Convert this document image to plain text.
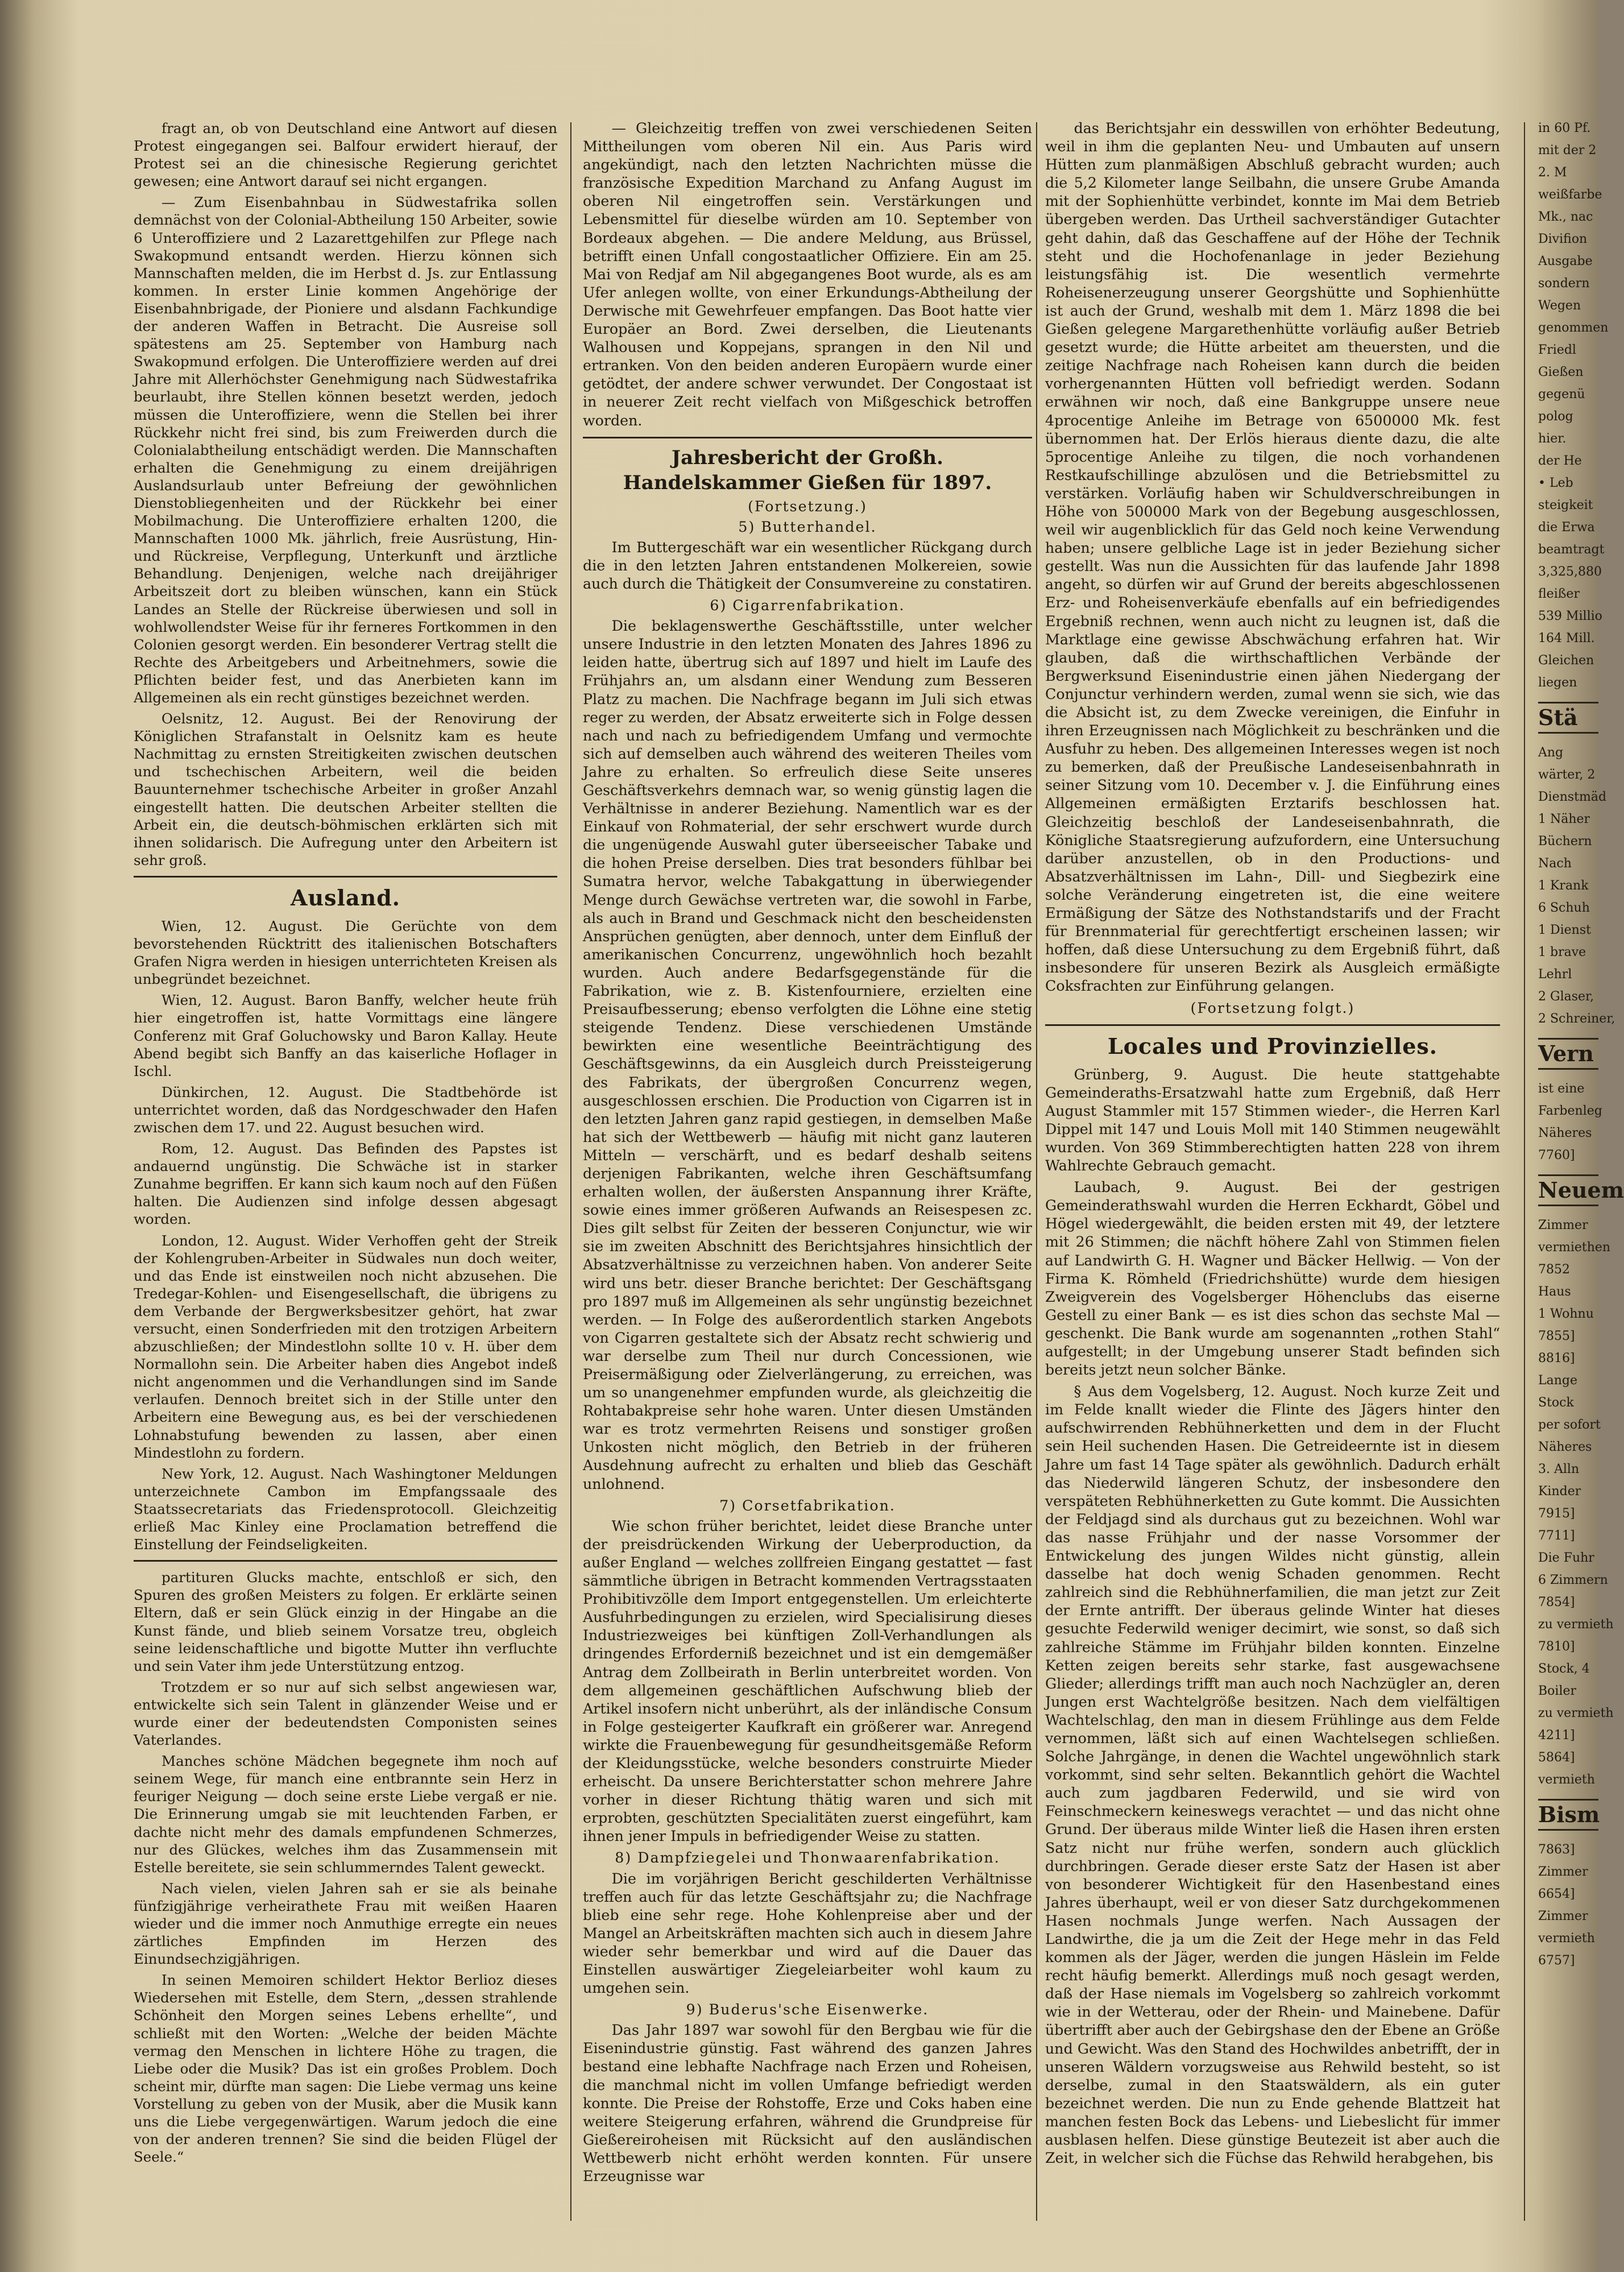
fragt an, ob von Deutschland eine Antwort auf diesen Protest eingegangen sei. Balfour erwidert hierauf, der Protest sei an die chinesische Regierung gerichtet gewesen; eine Antwort darauf sei nicht ergangen.

— Zum Eisenbahnbau in Südwestafrika sollen demnächst von der Colonial-Abtheilung 150 Arbeiter, sowie 6 Unteroffiziere und 2 Lazarettgehilfen zur Pflege nach Swakopmund entsandt werden. Hierzu können sich Mannschaften melden, die im Herbst d. Js. zur Entlassung kommen. In erster Linie kommen Angehörige der Eisenbahnbrigade, der Pioniere und alsdann Fachkundige der anderen Waffen in Betracht. Die Ausreise soll spätestens am 25. September von Hamburg nach Swakopmund erfolgen. Die Unteroffiziere werden auf drei Jahre mit Allerhöchster Genehmigung nach Südwestafrika beurlaubt, ihre Stellen können besetzt werden, jedoch müssen die Unteroffiziere, wenn die Stellen bei ihrer Rückkehr nicht frei sind, bis zum Freiwerden durch die Colonialabtheilung entschädigt werden. Die Mannschaften erhalten die Genehmigung zu einem dreijährigen Auslandsurlaub unter Befreiung der gewöhnlichen Dienstobliegenheiten und der Rückkehr bei einer Mobilmachung. Die Unteroffiziere erhalten 1200, die Mannschaften 1000 Mk. jährlich, freie Ausrüstung, Hin- und Rückreise, Verpflegung, Unterkunft und ärztliche Behandlung. Denjenigen, welche nach dreijähriger Arbeitszeit dort zu bleiben wünschen, kann ein Stück Landes an Stelle der Rückreise überwiesen und soll in wohlwollendster Weise für ihr ferneres Fortkommen in den Colonien gesorgt werden. Ein besonderer Vertrag stellt die Rechte des Arbeitgebers und Arbeitnehmers, sowie die Pflichten beider fest, und das Anerbieten kann im Allgemeinen als ein recht günstiges bezeichnet werden.

Oelsnitz, 12. August. Bei der Renovirung der Königlichen Strafanstalt in Oelsnitz kam es heute Nachmittag zu ernsten Streitigkeiten zwischen deutschen und tschechischen Arbeitern, weil die beiden Bauunternehmer tschechische Arbeiter in großer Anzahl eingestellt hatten. Die deutschen Arbeiter stellten die Arbeit ein, die deutsch-böhmischen erklärten sich mit ihnen solidarisch. Die Aufregung unter den Arbeitern ist sehr groß.

Ausland.

Wien, 12. August. Die Gerüchte von dem bevorstehenden Rücktritt des italienischen Botschafters Grafen Nigra werden in hiesigen unterrichteten Kreisen als unbegründet bezeichnet.

Wien, 12. August. Baron Banffy, welcher heute früh hier eingetroffen ist, hatte Vormittags eine längere Conferenz mit Graf Goluchowsky und Baron Kallay. Heute Abend begibt sich Banffy an das kaiserliche Hoflager in Ischl.

Dünkirchen, 12. August. Die Stadtbehörde ist unterrichtet worden, daß das Nordgeschwader den Hafen zwischen dem 17. und 22. August besuchen wird.

Rom, 12. August. Das Befinden des Papstes ist andauernd ungünstig. Die Schwäche ist in starker Zunahme begriffen. Er kann sich kaum noch auf den Füßen halten. Die Audienzen sind infolge dessen abgesagt worden.

London, 12. August. Wider Verhoffen geht der Streik der Kohlengruben-Arbeiter in Südwales nun doch weiter, und das Ende ist einstweilen noch nicht abzusehen. Die Tredegar-Kohlen- und Eisengesellschaft, die übrigens zu dem Verbande der Bergwerksbesitzer gehört, hat zwar versucht, einen Sonderfrieden mit den trotzigen Arbeitern abzuschließen; der Mindestlohn sollte 10 v. H. über dem Normallohn sein. Die Arbeiter haben dies Angebot indeß nicht angenommen und die Verhandlungen sind im Sande verlaufen. Dennoch breitet sich in der Stille unter den Arbeitern eine Bewegung aus, es bei der verschiedenen Lohnabstufung bewenden zu lassen, aber einen Mindestlohn zu fordern.

New York, 12. August. Nach Washingtoner Meldungen unterzeichnete Cambon im Empfangssaale des Staatssecretariats das Friedensprotocoll. Gleichzeitig erließ Mac Kinley eine Proclamation betreffend die Einstellung der Feindseligkeiten.

partituren Glucks machte, entschloß er sich, den Spuren des großen Meisters zu folgen. Er erklärte seinen Eltern, daß er sein Glück einzig in der Hingabe an die Kunst fände, und blieb seinem Vorsatze treu, obgleich seine leidenschaftliche und bigotte Mutter ihn verfluchte und sein Vater ihm jede Unterstützung entzog.

Trotzdem er so nur auf sich selbst angewiesen war, entwickelte sich sein Talent in glänzender Weise und er wurde einer der bedeutendsten Componisten seines Vaterlandes.

Manches schöne Mädchen begegnete ihm noch auf seinem Wege, für manch eine entbrannte sein Herz in feuriger Neigung — doch seine erste Liebe vergaß er nie. Die Erinnerung umgab sie mit leuchtenden Farben, er dachte nicht mehr des damals empfundenen Schmerzes, nur des Glückes, welches ihm das Zusammensein mit Estelle bereitete, sie sein schlummerndes Talent geweckt.

Nach vielen, vielen Jahren sah er sie als beinahe fünfzigjährige verheirathete Frau mit weißen Haaren wieder und die immer noch Anmuthige erregte ein neues zärtliches Empfinden im Herzen des Einundsechzigjährigen.

In seinen Memoiren schildert Hektor Berlioz dieses Wiedersehen mit Estelle, dem Stern, „dessen strahlende Schönheit den Morgen seines Lebens erhellte“, und schließt mit den Worten: „Welche der beiden Mächte vermag den Menschen in lichtere Höhe zu tragen, die Liebe oder die Musik? Das ist ein großes Problem. Doch scheint mir, dürfte man sagen: Die Liebe vermag uns keine Vorstellung zu geben von der Musik, aber die Musik kann uns die Liebe vergegenwärtigen. Warum jedoch die eine von der anderen trennen? Sie sind die beiden Flügel der Seele.“

— Gleichzeitig treffen von zwei verschiedenen Seiten Mittheilungen vom oberen Nil ein. Aus Paris wird angekündigt, nach den letzten Nachrichten müsse die französische Expedition Marchand zu Anfang August im oberen Nil eingetroffen sein. Verstärkungen und Lebensmittel für dieselbe würden am 10. September von Bordeaux abgehen. — Die andere Meldung, aus Brüssel, betrifft einen Unfall congostaatlicher Offiziere. Ein am 25. Mai von Redjaf am Nil abgegangenes Boot wurde, als es am Ufer anlegen wollte, von einer Erkundungs-Abtheilung der Derwische mit Gewehrfeuer empfangen. Das Boot hatte vier Europäer an Bord. Zwei derselben, die Lieutenants Walhousen und Koppejans, sprangen in den Nil und ertranken. Von den beiden anderen Europäern wurde einer getödtet, der andere schwer verwundet. Der Congostaat ist in neuerer Zeit recht vielfach von Mißgeschick betroffen worden.

Jahresbericht der Großh. Handelskammer Gießen für 1897.
(Fortsetzung.)
5) Butterhandel.

Im Buttergeschäft war ein wesentlicher Rückgang durch die in den letzten Jahren entstandenen Molkereien, sowie auch durch die Thätigkeit der Consumvereine zu constatiren.

6) Cigarrenfabrikation.

Die beklagenswerthe Geschäftsstille, unter welcher unsere Industrie in den letzten Monaten des Jahres 1896 zu leiden hatte, übertrug sich auf 1897 und hielt im Laufe des Frühjahrs an, um alsdann einer Wendung zum Besseren Platz zu machen. Die Nachfrage begann im Juli sich etwas reger zu werden, der Absatz erweiterte sich in Folge dessen nach und nach zu befriedigendem Umfang und vermochte sich auf demselben auch während des weiteren Theiles vom Jahre zu erhalten. So erfreulich diese Seite unseres Geschäftsverkehrs demnach war, so wenig günstig lagen die Verhältnisse in anderer Beziehung. Namentlich war es der Einkauf von Rohmaterial, der sehr erschwert wurde durch die ungenügende Auswahl guter überseeischer Tabake und die hohen Preise derselben. Dies trat besonders fühlbar bei Sumatra hervor, welche Tabakgattung in überwiegender Menge durch Gewächse vertreten war, die sowohl in Farbe, als auch in Brand und Geschmack nicht den bescheidensten Ansprüchen genügten, aber dennoch, unter dem Einfluß der amerikanischen Concurrenz, ungewöhnlich hoch bezahlt wurden. Auch andere Bedarfsgegenstände für die Fabrikation, wie z. B. Kistenfourniere, erzielten eine Preisaufbesserung; ebenso verfolgten die Löhne eine stetig steigende Tendenz. Diese verschiedenen Umstände bewirkten eine wesentliche Beeinträchtigung des Geschäftsgewinns, da ein Ausgleich durch Preissteigerung des Fabrikats, der übergroßen Concurrenz wegen, ausgeschlossen erschien. Die Production von Cigarren ist in den letzten Jahren ganz rapid gestiegen, in demselben Maße hat sich der Wettbewerb — häufig mit nicht ganz lauteren Mitteln — verschärft, und es bedarf deshalb seitens derjenigen Fabrikanten, welche ihren Geschäftsumfang erhalten wollen, der äußersten Anspannung ihrer Kräfte, sowie eines immer größeren Aufwands an Reisespesen zc. Dies gilt selbst für Zeiten der besseren Conjunctur, wie wir sie im zweiten Abschnitt des Berichtsjahres hinsichtlich der Absatzverhältnisse zu verzeichnen haben. Von anderer Seite wird uns betr. dieser Branche berichtet: Der Geschäftsgang pro 1897 muß im Allgemeinen als sehr ungünstig bezeichnet werden. — In Folge des außerordentlich starken Angebots von Cigarren gestaltete sich der Absatz recht schwierig und war derselbe zum Theil nur durch Concessionen, wie Preisermäßigung oder Zielverlängerung, zu erreichen, was um so unangenehmer empfunden wurde, als gleichzeitig die Rohtabakpreise sehr hohe waren. Unter diesen Umständen war es trotz vermehrten Reisens und sonstiger großen Unkosten nicht möglich, den Betrieb in der früheren Ausdehnung aufrecht zu erhalten und blieb das Geschäft unlohnend.

7) Corsetfabrikation.

Wie schon früher berichtet, leidet diese Branche unter der preisdrückenden Wirkung der Ueberproduction, da außer England — welches zollfreien Eingang gestattet — fast sämmtliche übrigen in Betracht kommenden Vertragsstaaten Prohibitivzölle dem Import entgegenstellen. Um erleichterte Ausfuhrbedingungen zu erzielen, wird Specialisirung dieses Industriezweiges bei künftigen Zoll-Verhandlungen als dringendes Erforderniß bezeichnet und ist ein demgemäßer Antrag dem Zollbeirath in Berlin unterbreitet worden. Von dem allgemeinen geschäftlichen Aufschwung blieb der Artikel insofern nicht unberührt, als der inländische Consum in Folge gesteigerter Kaufkraft ein größerer war. Anregend wirkte die Frauenbewegung für gesundheitsgemäße Reform der Kleidungsstücke, welche besonders construirte Mieder erheischt. Da unsere Berichterstatter schon mehrere Jahre vorher in dieser Richtung thätig waren und sich mit erprobten, geschützten Specialitäten zuerst eingeführt, kam ihnen jener Impuls in befriedigender Weise zu statten.

8) Dampfziegelei und Thonwaarenfabrikation.

Die im vorjährigen Bericht geschilderten Verhältnisse treffen auch für das letzte Geschäftsjahr zu; die Nachfrage blieb eine sehr rege. Hohe Kohlenpreise aber und der Mangel an Arbeitskräften machten sich auch in diesem Jahre wieder sehr bemerkbar und wird auf die Dauer das Einstellen auswärtiger Ziegeleiarbeiter wohl kaum zu umgehen sein.

9) Buderus'sche Eisenwerke.

Das Jahr 1897 war sowohl für den Bergbau wie für die Eisenindustrie günstig. Fast während des ganzen Jahres bestand eine lebhafte Nachfrage nach Erzen und Roheisen, die manchmal nicht im vollen Umfange befriedigt werden konnte. Die Preise der Rohstoffe, Erze und Coks haben eine weitere Steigerung erfahren, während die Grundpreise für Gießereiroheisen mit Rücksicht auf den ausländischen Wettbewerb nicht erhöht werden konnten. Für unsere Erzeugnisse war

das Berichtsjahr ein desswillen von erhöhter Bedeutung, weil in ihm die geplanten Neu- und Umbauten auf unsern Hütten zum planmäßigen Abschluß gebracht wurden; auch die 5,2 Kilometer lange Seilbahn, die unsere Grube Amanda mit der Sophienhütte verbindet, konnte im Mai dem Betrieb übergeben werden. Das Urtheil sachverständiger Gutachter geht dahin, daß das Geschaffene auf der Höhe der Technik steht und die Hochofenanlage in jeder Beziehung leistungsfähig ist. Die wesentlich vermehrte Roheisenerzeugung unserer Georgshütte und Sophienhütte ist auch der Grund, weshalb mit dem 1. März 1898 die bei Gießen gelegene Margarethenhütte vorläufig außer Betrieb gesetzt wurde; die Hütte arbeitet am theuersten, und die zeitige Nachfrage nach Roheisen kann durch die beiden vorhergenannten Hütten voll befriedigt werden. Sodann erwähnen wir noch, daß eine Bankgruppe unsere neue 4procentige Anleihe im Betrage von 6500000 Mk. fest übernommen hat. Der Erlös hieraus diente dazu, die alte 5procentige Anleihe zu tilgen, die noch vorhandenen Restkaufschillinge abzulösen und die Betriebsmittel zu verstärken. Vorläufig haben wir Schuldverschreibungen in Höhe von 500000 Mark von der Begebung ausgeschlossen, weil wir augenblicklich für das Geld noch keine Verwendung haben; unsere gelbliche Lage ist in jeder Beziehung sicher gestellt. Was nun die Aussichten für das laufende Jahr 1898 angeht, so dürfen wir auf Grund der bereits abgeschlossenen Erz- und Roheisenverkäufe ebenfalls auf ein befriedigendes Ergebniß rechnen, wenn auch nicht zu leugnen ist, daß die Marktlage eine gewisse Abschwächung erfahren hat. Wir glauben, daß die wirthschaftlichen Verbände der Bergwerksund Eisenindustrie einen jähen Niedergang der Conjunctur verhindern werden, zumal wenn sie sich, wie das die Absicht ist, zu dem Zwecke vereinigen, die Einfuhr in ihren Erzeugnissen nach Möglichkeit zu beschränken und die Ausfuhr zu heben. Des allgemeinen Interesses wegen ist noch zu bemerken, daß der Preußische Landeseisenbahnrath in seiner Sitzung vom 10. December v. J. die Einführung eines Allgemeinen ermäßigten Erztarifs beschlossen hat. Gleichzeitig beschloß der Landeseisenbahnrath, die Königliche Staatsregierung aufzufordern, eine Untersuchung darüber anzustellen, ob in den Productions- und Absatzverhältnissen im Lahn-, Dill- und Siegbezirk eine solche Veränderung eingetreten ist, die eine weitere Ermäßigung der Sätze des Nothstandstarifs und der Fracht für Brennmaterial für gerechtfertigt erscheinen lassen; wir hoffen, daß diese Untersuchung zu dem Ergebniß führt, daß insbesondere für unseren Bezirk als Ausgleich ermäßigte Coksfrachten zur Einführung gelangen.

(Fortsetzung folgt.)
Locales und Provinzielles.

Grünberg, 9. August. Die heute stattgehabte Gemeinderaths-Ersatzwahl hatte zum Ergebniß, daß Herr August Stammler mit 157 Stimmen wieder-, die Herren Karl Dippel mit 147 und Louis Moll mit 140 Stimmen neugewählt wurden. Von 369 Stimmberechtigten hatten 228 von ihrem Wahlrechte Gebrauch gemacht.

Laubach, 9. August. Bei der gestrigen Gemeinderathswahl wurden die Herren Eckhardt, Göbel und Högel wiedergewählt, die beiden ersten mit 49, der letztere mit 26 Stimmen; die nächft höhere Zahl von Stimmen fielen auf Landwirth G. H. Wagner und Bäcker Hellwig. — Von der Firma K. Römheld (Friedrichshütte) wurde dem hiesigen Zweigverein des Vogelsberger Höhenclubs das eiserne Gestell zu einer Bank — es ist dies schon das sechste Mal — geschenkt. Die Bank wurde am sogenannten „rothen Stahl“ aufgestellt; in der Umgebung unserer Stadt befinden sich bereits jetzt neun solcher Bänke.

§ Aus dem Vogelsberg, 12. August. Noch kurze Zeit und im Felde knallt wieder die Flinte des Jägers hinter den aufschwirrenden Rebhühnerketten und dem in der Flucht sein Heil suchenden Hasen. Die Getreideernte ist in diesem Jahre um fast 14 Tage später als gewöhnlich. Dadurch erhält das Niederwild längeren Schutz, der insbesondere den verspäteten Rebhühnerketten zu Gute kommt. Die Aussichten der Feldjagd sind als durchaus gut zu bezeichnen. Wohl war das nasse Frühjahr und der nasse Vorsommer der Entwickelung des jungen Wildes nicht günstig, allein dasselbe hat doch wenig Schaden genommen. Recht zahlreich sind die Rebhühnerfamilien, die man jetzt zur Zeit der Ernte antrifft. Der überaus gelinde Winter hat dieses gesuchte Federwild weniger decimirt, wie sonst, so daß sich zahlreiche Stämme im Frühjahr bilden konnten. Einzelne Ketten zeigen bereits sehr starke, fast ausgewachsene Glieder; allerdings trifft man auch noch Nachzügler an, deren Jungen erst Wachtelgröße besitzen. Nach dem vielfältigen Wachtelschlag, den man in diesem Frühlinge aus dem Felde vernommen, läßt sich auf einen Wachtelsegen schließen. Solche Jahrgänge, in denen die Wachtel ungewöhnlich stark vorkommt, sind sehr selten. Bekanntlich gehört die Wachtel auch zum jagdbaren Federwild, und sie wird von Feinschmeckern keineswegs verachtet — und das nicht ohne Grund. Der überaus milde Winter ließ die Hasen ihren ersten Satz nicht nur frühe werfen, sondern auch glücklich durchbringen. Gerade dieser erste Satz der Hasen ist aber von besonderer Wichtigkeit für den Hasenbestand eines Jahres überhaupt, weil er von dieser Satz durchgekommenen Hasen nochmals Junge werfen. Nach Aussagen der Landwirthe, die ja um die Zeit der Hege mehr in das Feld kommen als der Jäger, werden die jungen Häslein im Felde recht häufig bemerkt. Allerdings muß noch gesagt werden, daß der Hase niemals im Vogelsberg so zahlreich vorkommt wie in der Wetterau, oder der Rhein- und Mainebene. Dafür übertrifft aber auch der Gebirgshase den der Ebene an Größe und Gewicht. Was den Stand des Hochwildes anbetrifft, der in unseren Wäldern vorzugsweise aus Rehwild besteht, so ist derselbe, zumal in den Staatswäldern, als ein guter bezeichnet werden. Die nun zu Ende gehende Blattzeit hat manchen festen Bock das Lebens- und Liebeslicht für immer ausblasen helfen. Diese günstige Beutezeit ist aber auch die Zeit, in welcher sich die Füchse das Rehwild herabgehen, bis

in 60 Pf.
mit der 2
2. M
weißfarbe
Mk., nac
Divifion
Ausgabe
sondern
Wegen
genommen
Friedl
Gießen
gegenü
polog
hier.
der He
• Leb
steigkeit
die Erwa
beamtragt
3,325,880
fleißer
539 Millio
164 Mill.
Gleichen
liegen
Stä
Ang
wärter, 2
Dienstmäd
1 Näher
Büchern
Nach
1 Krank
6 Schuh
1 Dienst
1 brave
Lehrl
2 Glaser,
2 Schreiner,
Vern
ist eine
Farbenleg
Näheres
7760]
Neuem
Zimmer
vermiethen
7852
Haus
1 Wohnu
7855]
8816]
Lange
Stock
per sofort
Näheres
3. Alln
Kinder
7915]
7711]
Die Fuhr
6 Zimmern
7854]
zu vermieth
7810]
Stock, 4
Boiler
zu vermieth
4211]
5864]
vermieth
Bism
7863]
Zimmer
6654]
Zimmer
vermieth
6757]
